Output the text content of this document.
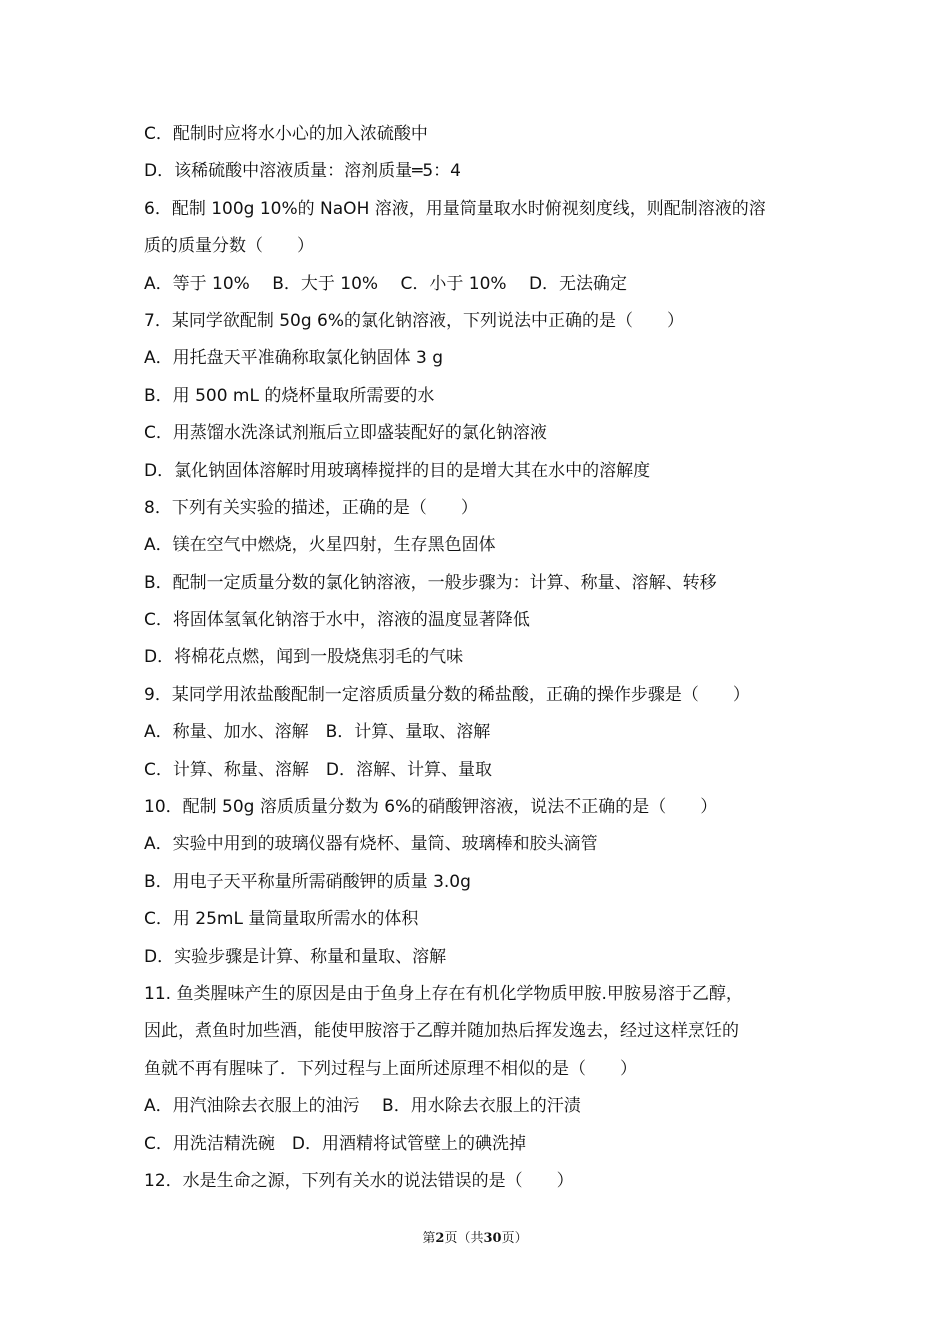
C．配制时应将水小心的加入浓硫酸中
D．该稀硫酸中溶液质量：溶剂质量═5：4
6．配制 100g 10%的 NaOH 溶液，用量筒量取水时俯视刻度线，则配制溶液的溶
质的质量分数（　　）
A．等于 10%　 B．大于 10%　 C．小于 10%　 D．无法确定
7．某同学欲配制 50g 6%的氯化钠溶液，下列说法中正确的是（　　）
A．用托盘天平准确称取氯化钠固体 3 g
B．用 500 mL 的烧杯量取所需要的水
C．用蒸馏水洗涤试剂瓶后立即盛装配好的氯化钠溶液
D．氯化钠固体溶解时用玻璃棒搅拌的目的是增大其在水中的溶解度
8．下列有关实验的描述，正确的是（　　）
A．镁在空气中燃烧，火星四射，生存黑色固体
B．配制一定质量分数的氯化钠溶液，一般步骤为：计算、称量、溶解、转移
C．将固体氢氧化钠溶于水中，溶液的温度显著降低
D．将棉花点燃，闻到一股烧焦羽毛的气味
9．某同学用浓盐酸配制一定溶质质量分数的稀盐酸，正确的操作步骤是（　　）
A．称量、加水、溶解　B．计算、量取、溶解
C．计算、称量、溶解　D．溶解、计算、量取
10．配制 50g 溶质质量分数为 6%的硝酸钾溶液，说法不正确的是（　　）
A．实验中用到的玻璃仪器有烧杯、量筒、玻璃棒和胶头滴管
B．用电子天平称量所需硝酸钾的质量 3.0g
C．用 25mL 量筒量取所需水的体积
D．实验步骤是计算、称量和量取、溶解
11. 鱼类腥味产生的原因是由于鱼身上存在有机化学物质甲胺.甲胺易溶于乙醇，
因此，煮鱼时加些酒，能使甲胺溶于乙醇并随加热后挥发逸去，经过这样烹饪的
鱼就不再有腥味了．下列过程与上面所述原理不相似的是（　　）
A．用汽油除去衣服上的油污　 B．用水除去衣服上的汗渍
C．用洗洁精洗碗　D．用酒精将试管壁上的碘洗掉
12．水是生命之源，下列有关水的说法错误的是（　　）
第2页（共30页）
